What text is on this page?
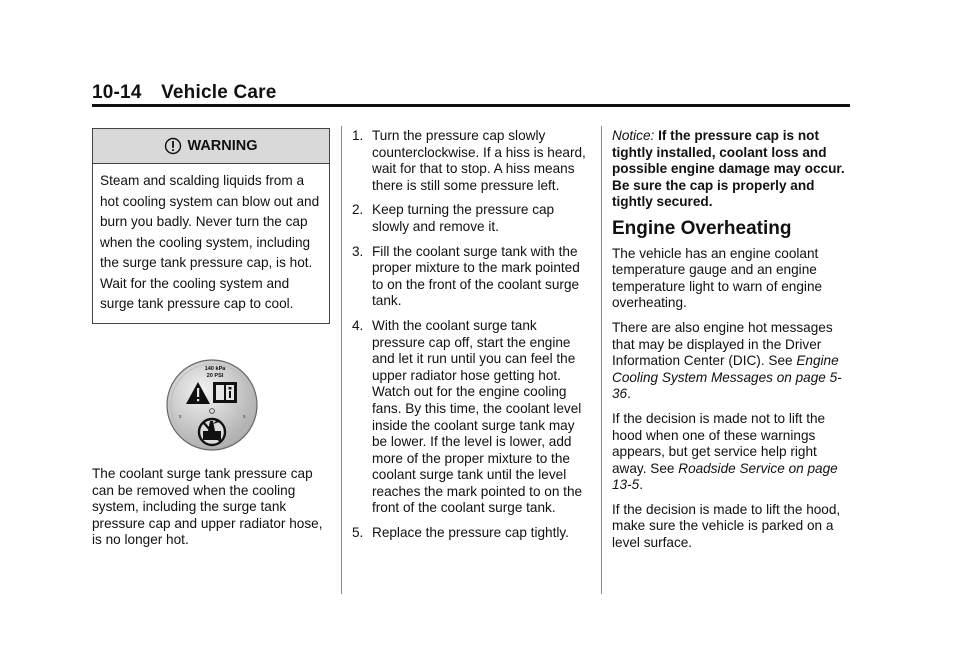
10-14 Vehicle Care
WARNING
Steam and scalding liquids from a hot cooling system can blow out and burn you badly. Never turn the cap when the cooling system, including the surge tank pressure cap, is hot. Wait for the cooling system and surge tank pressure cap to cool.
140 kPa
20 PSI
s	s

The coolant surge tank pressure cap can be removed when the cooling system, including the surge tank pressure cap and upper radiator hose, is no longer hot.

1. Turn the pressure cap slowly counterclockwise. If a hiss is heard, wait for that to stop. A hiss means there is still some pressure left.
2. Keep turning the pressure cap slowly and remove it.
3. Fill the coolant surge tank with the proper mixture to the mark pointed to on the front of the coolant surge tank.
4. With the coolant surge tank pressure cap off, start the engine and let it run until you can feel the upper radiator hose getting hot. Watch out for the engine cooling fans. By this time, the coolant level inside the coolant surge tank may be lower. If the level is lower, add more of the proper mixture to the coolant surge tank until the level reaches the mark pointed to on the front of the coolant surge tank.
5. Replace the pressure cap tightly.

Notice: If the pressure cap is not tightly installed, coolant loss and possible engine damage may occur. Be sure the cap is properly and tightly secured.

Engine Overheating

The vehicle has an engine coolant temperature gauge and an engine temperature light to warn of engine overheating.

There are also engine hot messages that may be displayed in the Driver Information Center (DIC). See Engine Cooling System Messages on page 5-36.

If the decision is made not to lift the hood when one of these warnings appears, but get service help right away. See Roadside Service on page 13-5.

If the decision is made to lift the hood, make sure the vehicle is parked on a level surface.
